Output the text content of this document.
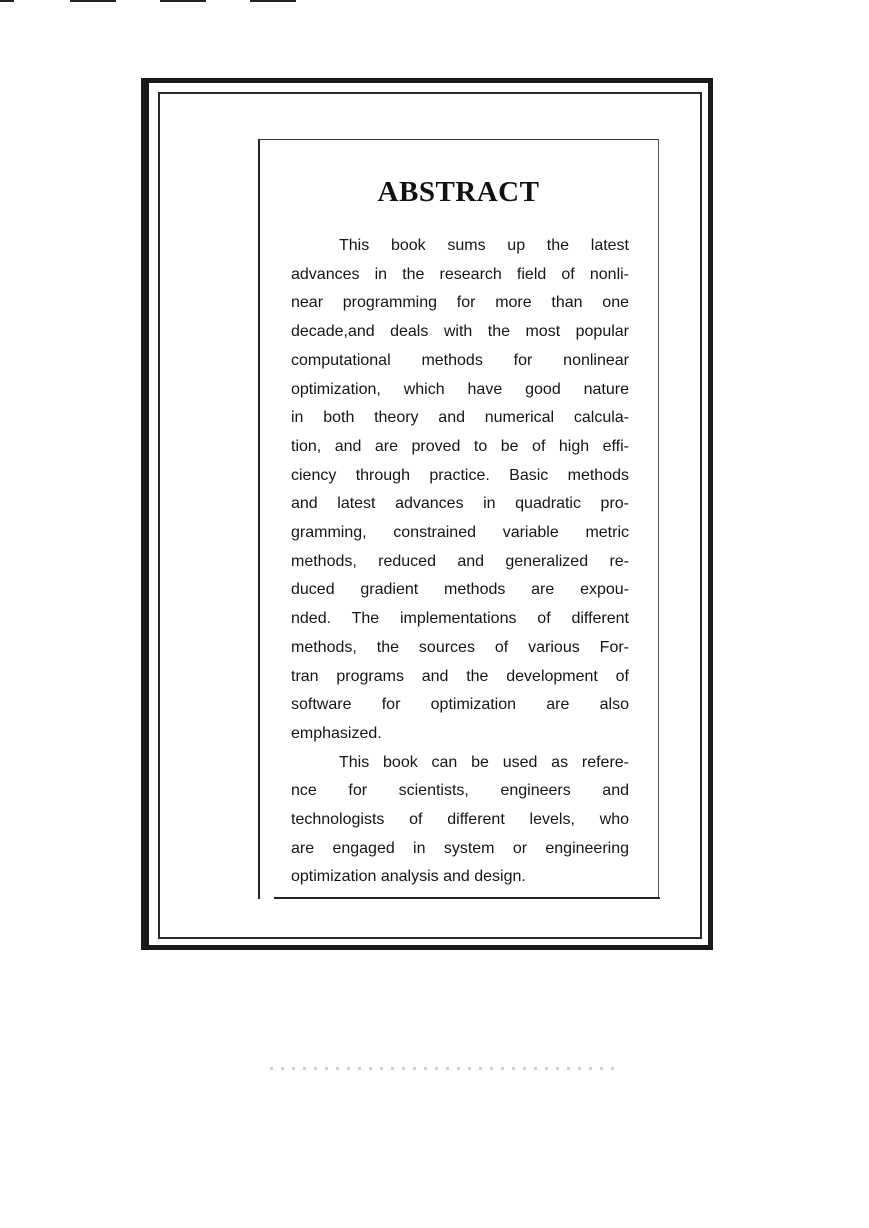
ABSTRACT
This book sums up the latest
advances in the research field of nonli-
near programming for more than one
decade,and deals with the most popular
computational methods for nonlinear
optimization, which have good nature
in both theory and numerical calcula-
tion, and are proved to be of high effi-
ciency through practice. Basic methods
and latest advances in quadratic pro-
gramming, constrained variable metric
methods, reduced and generalized re-
duced gradient methods are expou-
nded. The implementations of different
methods, the sources of various For-
tran programs and the development of
software for optimization are also
emphasized.
This book can be used as refere-
nce for scientists, engineers and
technologists of different levels, who
are engaged in system or engineering
optimization analysis and design.
